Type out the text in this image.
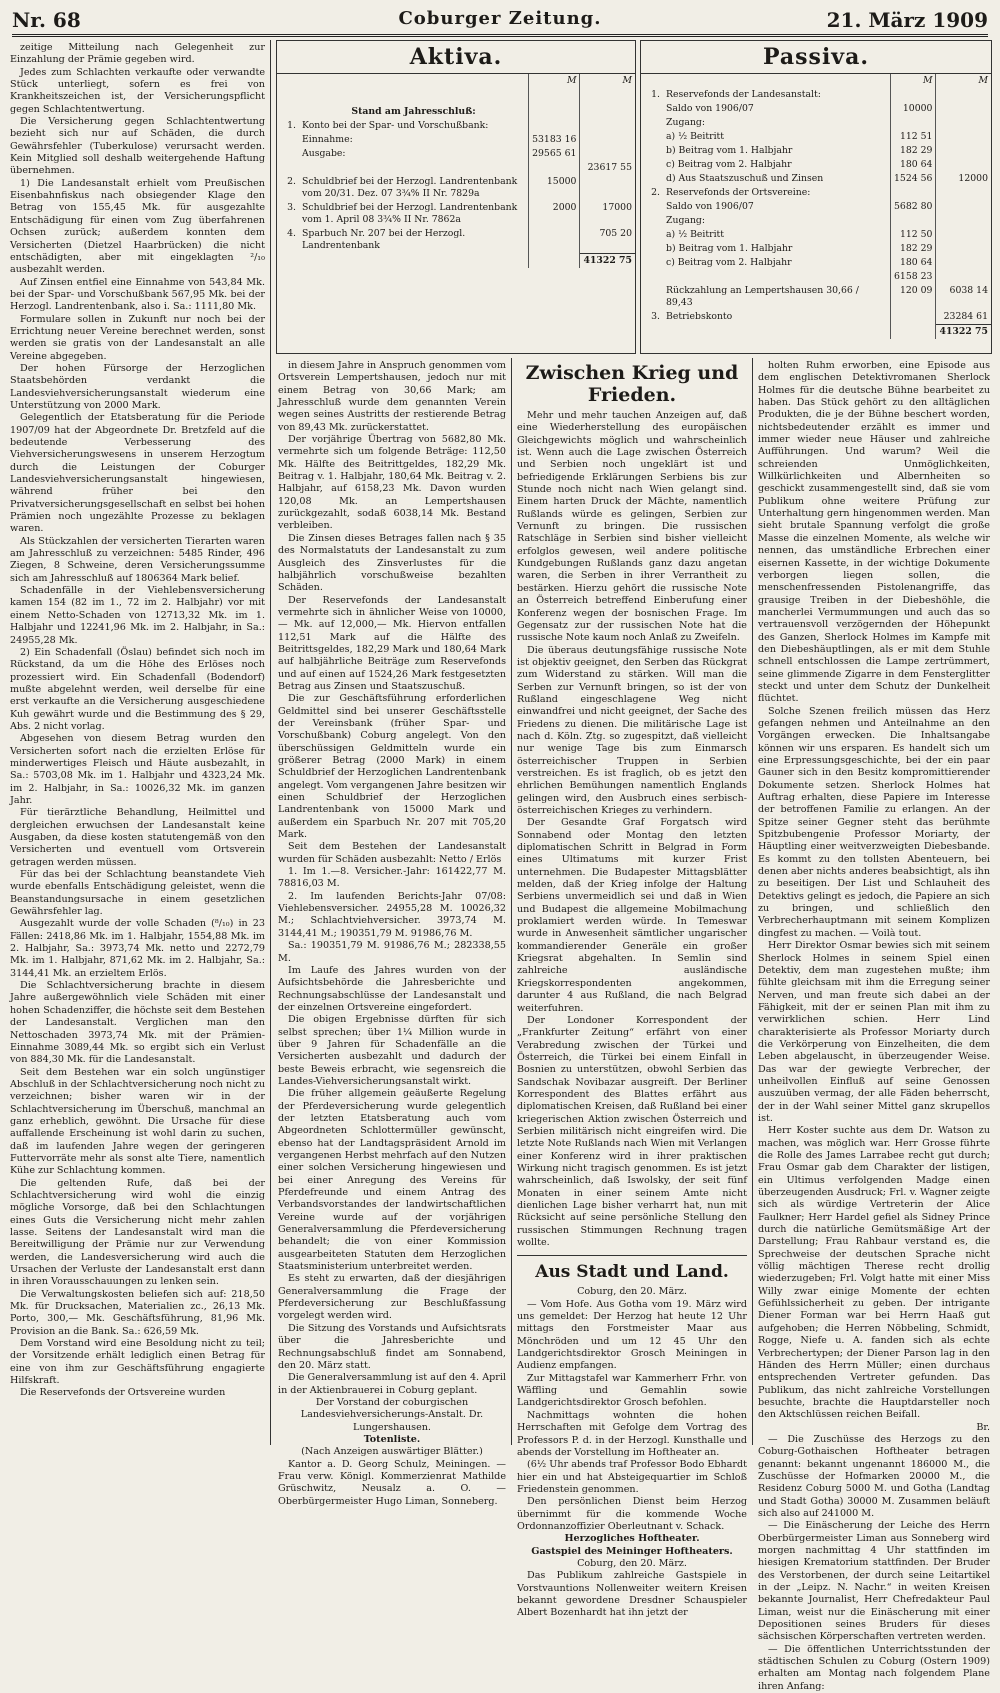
Nr. 68	Coburger Zeitung.	21. März 1909

zeitige Mitteilung nach Gelegenheit zur Einzahlung der Prämie gegeben wird.

Jedes zum Schlachten verkaufte oder verwandte Stück unterliegt, sofern es frei von Krankheitszeichen ist, der Versicherungspflicht gegen Schlachtentwertung.

Die Versicherung gegen Schlachtentwertung bezieht sich nur auf Schäden, die durch Gewährsfehler (Tuberkulose) verursacht werden. Kein Mitglied soll deshalb weitergehende Haftung übernehmen.

1) Die Landesanstalt erhielt vom Preußischen Eisenbahnfiskus nach obsiegender Klage den Betrag von 155,45 Mk. für ausgezahlte Entschädigung für einen vom Zug überfahrenen Ochsen zurück; außerdem konnten dem Versicherten (Dietzel Haarbrücken) die nicht entschädigten, aber mit eingeklagten ²/₁₀ ausbezahlt werden.

Auf Zinsen entfiel eine Einnahme von 543,84 Mk. bei der Spar- und Vorschußbank 567,95 Mk. bei der Herzogl. Landrentenbank, also i. Sa.: 1111,80 Mk.

Formulare sollen in Zukunft nur noch bei der Errichtung neuer Vereine berechnet werden, sonst werden sie gratis von der Landesanstalt an alle Vereine abgegeben.

Der hohen Fürsorge der Herzoglichen Staatsbehörden verdankt die Landesviehversicherungsanstalt wiederum eine Unterstützung von 2000 Mark.

Gelegentlich der Etatsberatung für die Periode 1907/09 hat der Abgeordnete Dr. Bretzfeld auf die bedeutende Verbesserung des Viehversicherungswesens in unserem Herzogtum durch die Leistungen der Coburger Landesviehversicherungsanstalt hingewiesen, während früher bei den Privatversicherungsgesellschaft en selbst bei hohen Prämien noch ungezählte Prozesse zu beklagen waren.

Als Stückzahlen der versicherten Tierarten waren am Jahresschluß zu verzeichnen: 5485 Rinder, 496 Ziegen, 8 Schweine, deren Versicherungssumme sich am Jahresschluß auf 1806364 Mark belief.

Schadenfälle in der Viehlebensversicherung kamen 154 (82 im 1., 72 im 2. Halbjahr) vor mit einem Netto-Schaden von 12713,32 Mk. im 1. Halbjahr und 12241,96 Mk. im 2. Halbjahr, in Sa.: 24955,28 Mk.

2) Ein Schadenfall (Öslau) befindet sich noch im Rückstand, da um die Höhe des Erlöses noch prozessiert wird. Ein Schadenfall (Bodendorf) mußte abgelehnt werden, weil derselbe für eine erst verkaufte an die Versicherung ausgeschiedene Kuh gewährt wurde und die Bestimmung des § 29, Abs. 2 nicht vorlag.

Abgesehen von diesem Betrag wurden den Versicherten sofort nach die erzielten Erlöse für minderwertiges Fleisch und Häute ausbezahlt, in Sa.: 5703,08 Mk. im 1. Halbjahr und 4323,24 Mk. im 2. Halbjahr, in Sa.: 10026,32 Mk. im ganzen Jahr.

Für tierärztliche Behandlung, Heilmittel und dergleichen erwuchsen der Landesanstalt keine Ausgaben, da diese kosten statutengemäß von den Versicherten und eventuell vom Ortsverein getragen werden müssen.

Für das bei der Schlachtung beanstandete Vieh wurde ebenfalls Entschädigung geleistet, wenn die Beanstandungsursache in einem gesetzlichen Gewährsfehler lag.

Ausgezahlt wurde der volle Schaden (⁸/₁₀) in 23 Fällen: 2418,86 Mk. im 1. Halbjahr, 1554,88 Mk. im 2. Halbjahr, Sa.: 3973,74 Mk. netto und 2272,79 Mk. im 1. Halbjahr, 871,62 Mk. im 2. Halbjahr, Sa.: 3144,41 Mk. an erzieltem Erlös.

Die Schlachtversicherung brachte in diesem Jahre außergewöhnlich viele Schäden mit einer hohen Schadenziffer, die höchste seit dem Bestehen der Landesanstalt. Verglichen man den Nettoschaden 3973,74 Mk. mit der Prämien-Einnahme 3089,44 Mk. so ergibt sich ein Verlust von 884,30 Mk. für die Landesanstalt.

Seit dem Bestehen war ein solch ungünstiger Abschluß in der Schlachtversicherung noch nicht zu verzeichnen; bisher waren wir in der Schlachtversicherung im Überschuß, manchmal an ganz erheblich, gewöhnt. Die Ursache für diese auffallende Erscheinung ist wohl darin zu suchen, daß im laufenden Jahre wegen der geringeren Futtervorräte mehr als sonst alte Tiere, namentlich Kühe zur Schlachtung kommen.

Die geltenden Rufe, daß bei der Schlachtversicherung wird wohl die einzig mögliche Vorsorge, daß bei den Schlachtungen eines Guts die Versicherung nicht mehr zahlen lasse. Seitens der Landesanstalt wird man die Bereitwilligung der Prämie nur zur Verwendung werden, die Landesversicherung wird auch die Ursachen der Verluste der Landesanstalt erst dann in ihren Vorausschauungen zu lenken sein.

Die Verwaltungskosten beliefen sich auf: 218,50 Mk. für Drucksachen, Materialien zc., 26,13 Mk. Porto, 300,— Mk. Geschäftsführung, 81,96 Mk. Provision an die Bank. Sa.: 626,59 Mk.

Dem Vorstand wird eine Besoldung nicht zu teil; der Vorsitzende erhält lediglich einen Betrag für eine von ihm zur Geschäftsführung engagierte Hilfskraft.

Die Reservefonds der Ortsvereine wurden

Aktiva.
		M	M
	Stand am Jahresschluß:		
1.	Konto bei der Spar- und Vorschußbank:		
	Einnahme:	53183 16	
	Ausgabe:	29565 61	
			23617 55
2.	Schuldbrief bei der Herzogl. Landrentenbank vom 20/31. Dez. 07 3¾% II Nr. 7829a	15000	
3.	Schuldbrief bei der Herzogl. Landrentenbank vom 1. April 08 3¾% II Nr. 7862a	2000	17000
4.	Sparbuch Nr. 207 bei der Herzogl. Landrentenbank		705 20
			41322 75
Passiva.
		M	M
1.	Reservefonds der Landesanstalt:		
	Saldo von 1906/07	10000	
	Zugang:		
	a) ½ Beitritt	112 51	
	b) Beitrag vom 1. Halbjahr	182 29	
	c) Beitrag vom 2. Halbjahr	180 64	
	d) Aus Staatszuschuß und Zinsen	1524 56	12000
2.	Reservefonds der Ortsvereine:		
	Saldo von 1906/07	5682 80	
	Zugang:		
	a) ½ Beitritt	112 50	
	b) Beitrag vom 1. Halbjahr	182 29	
	c) Beitrag vom 2. Halbjahr	180 64	
		6158 23	
	Rückzahlung an Lempertshausen 30,66 / 89,43	120 09	6038 14
3.	Betriebskonto		23284 61
			41322 75

in diesem Jahre in Anspruch genommen vom Ortsverein Lempertshausen, jedoch nur mit einem Betrag von 30,66 Mark; am Jahresschluß wurde dem genannten Verein wegen seines Austritts der restierende Betrag von 89,43 Mk. zurückerstattet.

Der vorjährige Übertrag von 5682,80 Mk. vermehrte sich um folgende Beträge: 112,50 Mk. Hälfte des Beitrittgeldes, 182,29 Mk. Beitrag v. 1. Halbjahr, 180,64 Mk. Beitrag v. 2. Halbjahr, auf 6158,23 Mk. Davon wurden 120,08 Mk. an Lempertshausen zurückgezahlt, sodaß 6038,14 Mk. Bestand verbleiben.

Die Zinsen dieses Betrages fallen nach § 35 des Normalstatuts der Landesanstalt zu zum Ausgleich des Zinsverlustes für die halbjährlich vorschußweise bezahlten Schäden.

Der Reservefonds der Landesanstalt vermehrte sich in ähnlicher Weise von 10000,— Mk. auf 12,000,— Mk. Hiervon entfallen 112,51 Mark auf die Hälfte des Beitrittsgeldes, 182,29 Mark und 180,64 Mark auf halbjährliche Beiträge zum Reservefonds und auf einen auf 1524,26 Mark festgesetzten Betrag aus Zinsen und Staatszuschuß.

Die zur Geschäftsführung erforderlichen Geldmittel sind bei unserer Geschäftsstelle der Vereinsbank (früher Spar- und Vorschußbank) Coburg angelegt. Von den überschüssigen Geldmitteln wurde ein größerer Betrag (2000 Mark) in einem Schuldbrief der Herzoglichen Landrentenbank angelegt. Vom vergangenen Jahre besitzen wir einen Schuldbrief der Herzoglichen Landrentenbank von 15000 Mark und außerdem ein Sparbuch Nr. 207 mit 705,20 Mark.

Seit dem Bestehen der Landesanstalt wurden für Schäden ausbezahlt: Netto / Erlös

1. Im 1.—8. Versicher.-Jahr: 161422,77 M. 78816,03 M.

2. Im laufenden Berichts-Jahr 07/08: Viehlebensversicher. 24955,28 M. 10026,32 M.; Schlachtviehversicher. 3973,74 M. 3144,41 M.; 190351,79 M. 91986,76 M.

Sa.: 190351,79 M. 91986,76 M.; 282338,55 M.

Im Laufe des Jahres wurden von der Aufsichtsbehörde die Jahresberichte und Rechnungsabschlüsse der Landesanstalt und der einzelnen Ortsvereine eingefordert.

Die obigen Ergebnisse dürften für sich selbst sprechen; über 1¼ Million wurde in über 9 Jahren für Schadenfälle an die Versicherten ausbezahlt und dadurch der beste Beweis erbracht, wie segensreich die Landes-Viehversicherungsanstalt wirkt.

Die früher allgemein geäußerte Regelung der Pferdeversicherung wurde gelegentlich der letzten Etatsberatung auch vom Abgeordneten Schlottermüller gewünscht, ebenso hat der Landtagspräsident Arnold im vergangenen Herbst mehrfach auf den Nutzen einer solchen Versicherung hingewiesen und bei einer Anregung des Vereins für Pferdefreunde und einem Antrag des Verbandsvorstandes der landwirtschaftlichen Vereine wurde auf der vorjährigen Generalversammlung die Pferdeversicherung behandelt; die von einer Kommission ausgearbeiteten Statuten dem Herzoglichen Staatsministerium unterbreitet werden.

Es steht zu erwarten, daß der diesjährigen Generalversammlung die Frage der Pferdeversicherung zur Beschlußfassung vorgelegt werden wird.

Die Sitzung des Vorstands und Aufsichtsrats über die Jahresberichte und Rechnungsabschluß findet am Sonnabend, den 20. März statt.

Die Generalversammlung ist auf den 4. April in der Aktienbrauerei in Coburg geplant.

Der Vorstand der coburgischen Landesviehversicherungs-Anstalt. Dr. Lungershausen.

Totenliste.

(Nach Anzeigen auswärtiger Blätter.)

Kantor a. D. Georg Schulz, Meiningen. — Frau verw. Königl. Kommerzienrat Mathilde Grüschwitz, Neusalz a. O. — Oberbürgermeister Hugo Liman, Sonneberg.

Zwischen Krieg und Frieden.

Mehr und mehr tauchen Anzeigen auf, daß eine Wiederherstellung des europäischen Gleichgewichts möglich und wahrscheinlich ist. Wenn auch die Lage zwischen Österreich und Serbien noch ungeklärt ist und befriedigende Erklärungen Serbiens bis zur Stunde noch nicht nach Wien gelangt sind. Einem harten Druck der Mächte, namentlich Rußlands würde es gelingen, Serbien zur Vernunft zu bringen. Die russischen Ratschläge in Serbien sind bisher vielleicht erfolglos gewesen, weil andere politische Kundgebungen Rußlands ganz dazu angetan waren, die Serben in ihrer Verrantheit zu bestärken. Hierzu gehört die russische Note an Österreich betreffend Einberufung einer Konferenz wegen der bosnischen Frage. Im Gegensatz zur der russischen Note hat die russische Note kaum noch Anlaß zu Zweifeln.

Die überaus deutungsfähige russische Note ist objektiv geeignet, den Serben das Rückgrat zum Widerstand zu stärken. Will man die Serben zur Vernunft bringen, so ist der von Rußland eingeschlagene Weg nicht einwandfrei und nicht geeignet, der Sache des Friedens zu dienen. Die militärische Lage ist nach d. Köln. Ztg. so zugespitzt, daß vielleicht nur wenige Tage bis zum Einmarsch österreichischer Truppen in Serbien verstreichen. Es ist fraglich, ob es jetzt den ehrlichen Bemühungen namentlich Englands gelingen wird, den Ausbruch eines serbisch-österreichischen Krieges zu verhindern.

Der Gesandte Graf Forgatsch wird Sonnabend oder Montag den letzten diplomatischen Schritt in Belgrad in Form eines Ultimatums mit kurzer Frist unternehmen. Die Budapester Mittagsblätter melden, daß der Krieg infolge der Haltung Serbiens unvermeidlich sei und daß in Wien und Budapest die allgemeine Mobilmachung proklamiert werden würde. In Temeswar wurde in Anwesenheit sämtlicher ungarischer kommandierender Generäle ein großer Kriegsrat abgehalten. In Semlin sind zahlreiche ausländische Kriegskorrespondenten angekommen, darunter 4 aus Rußland, die nach Belgrad weiterfuhren.

Der Londoner Korrespondent der „Frankfurter Zeitung“ erfährt von einer Verabredung zwischen der Türkei und Österreich, die Türkei bei einem Einfall in Bosnien zu unterstützen, obwohl Serbien das Sandschak Novibazar ausgreift. Der Berliner Korrespondent des Blattes erfährt aus diplomatischen Kreisen, daß Rußland bei einer kriegerischen Aktion zwischen Österreich und Serbien militärisch nicht eingreifen wird. Die letzte Note Rußlands nach Wien mit Verlangen einer Konferenz wird in ihrer praktischen Wirkung nicht tragisch genommen. Es ist jetzt wahrscheinlich, daß Iswolsky, der seit fünf Monaten in einer seinem Amte nicht dienlichen Lage bisher verharrt hat, nun mit Rücksicht auf seine persönliche Stellung den russischen Stimmungen Rechnung tragen wollte.

Aus Stadt und Land.

Coburg, den 20. März.

— Vom Hofe. Aus Gotha vom 19. März wird uns gemeldet: Der Herzog hat heute 12 Uhr mittags den Forstmeister Maar aus Mönchröden und um 12 45 Uhr den Landgerichtsdirektor Grosch Meiningen in Audienz empfangen.

Zur Mittagstafel war Kammerherr Frhr. von Wäffling und Gemahlin sowie Landgerichtsdirektor Grosch befohlen.

Nachmittags wohnten die hohen Herrschaften mit Gefolge dem Vortrag des Professors P. d. in der Herzogl. Kunsthalle und abends der Vorstellung im Hoftheater an.

(6½ Uhr abends traf Professor Bodo Ebhardt hier ein und hat Absteigequartier im Schloß Friedenstein genommen.

Den persönlichen Dienst beim Herzog übernimmt für die kommende Woche Ordonnanzoffizier Oberleutnant v. Schack.

Herzogliches Hoftheater.

Gastspiel des Meininger Hoftheaters.

Coburg, den 20. März.

Das Publikum zahlreiche Gastspiele in Vorstvauntions Nollenweiter weitern Kreisen bekannt gewordene Dresdner Schauspieler Albert Bozenhardt hat ihn jetzt der

holten Ruhm erworben, eine Episode aus dem englischen Detektivromanen Sherlock Holmes für die deutsche Bühne bearbeitet zu haben. Das Stück gehört zu den alltäglichen Produkten, die je der Bühne beschert worden, nichtsbedeutender erzählt es immer und immer wieder neue Häuser und zahlreiche Aufführungen. Und warum? Weil die schreienden Unmöglichkeiten, Willkürlichkeiten und Albernheiten so geschickt zusammengestellt sind, daß sie vom Publikum ohne weitere Prüfung zur Unterhaltung gern hingenommen werden. Man sieht brutale Spannung verfolgt die große Masse die einzelnen Momente, als welche wir nennen, das umständliche Erbrechen einer eisernen Kassette, in der wichtige Dokumente verborgen liegen sollen, die menschenfressenden Pistolenangriffe, das grausige Treiben in der Diebeshöhle, die mancherlei Vermummungen und auch das so vertrauensvoll verzögernden der Höhepunkt des Ganzen, Sherlock Holmes im Kampfe mit den Diebeshäuptlingen, als er mit dem Stuhle schnell entschlossen die Lampe zertrümmert, seine glimmende Zigarre in dem Fensterglitter steckt und unter dem Schutz der Dunkelheit flüchtet.

Solche Szenen freilich müssen das Herz gefangen nehmen und Anteilnahme an den Vorgängen erwecken. Die Inhaltsangabe können wir uns ersparen. Es handelt sich um eine Erpressungsgeschichte, bei der ein paar Gauner sich in den Besitz kompromittierender Dokumente setzen. Sherlock Holmes hat Auftrag erhalten, diese Papiere im Interesse der betroffenen Familie zu erlangen. An der Spitze seiner Gegner steht das berühmte Spitzbubengenie Professor Moriarty, der Häuptling einer weitverzweigten Diebesbande. Es kommt zu den tollsten Abenteuern, bei denen aber nichts anderes beabsichtigt, als ihn zu beseitigen. Der List und Schlauheit des Detektivs gelingt es jedoch, die Papiere an sich zu bringen, und schließlich den Verbrecherhauptmann mit seinem Komplizen dingfest zu machen. — Voilà tout.

Herr Direktor Osmar bewies sich mit seinem Sherlock Holmes in seinem Spiel einen Detektiv, dem man zugestehen mußte; ihm fühlte gleichsam mit ihm die Erregung seiner Nerven, und man freute sich dabei an der Fähigkeit, mit der er seinen Plan mit ihm zu verwirklichen schien. Herr Lind charakterisierte als Professor Moriarty durch die Verkörperung von Einzelheiten, die dem Leben abgelauscht, in überzeugender Weise. Das war der gewiegte Verbrecher, der unheilvollen Einfluß auf seine Genossen auszuüben vermag, der alle Fäden beherrscht, der in der Wahl seiner Mittel ganz skrupellos ist.

Herr Koster suchte aus dem Dr. Watson zu machen, was möglich war. Herr Grosse führte die Rolle des James Larrabee recht gut durch; Frau Osmar gab dem Charakter der listigen, ein Ultimus verfolgenden Madge einen überzeugenden Ausdruck; Frl. v. Wagner zeigte sich als würdige Vertreterin der Alice Faulkner; Herr Hardel gefiel als Sidney Prince durch die natürliche Gemütsmäßige Art der Darstellung; Frau Rahbaur verstand es, die Sprechweise der deutschen Sprache nicht völlig mächtigen Therese recht drollig wiederzugeben; Frl. Volgt hatte mit einer Miss Willy zwar einige Momente der echten Gefühlssicherheit zu geben. Der intrigante Diener Forman war bei Herrn Haaß gut aufgehoben; die Herren Nöbbeling, Schmidt, Rogge, Niefe u. A. fanden sich als echte Verbrechertypen; der Diener Parson lag in den Händen des Herrn Müller; einen durchaus entsprechenden Vertreter gefunden. Das Publikum, das nicht zahlreiche Vorstellungen besuchte, brachte die Hauptdarsteller noch den Aktschlüssen reichen Beifall.

Br.

— Die Zuschüsse des Herzogs zu den Coburg-Gothaischen Hoftheater betragen genannt: bekannt ungenannt 186000 M., die Zuschüsse der Hofmarken 20000 M., die Residenz Coburg 5000 M. und Gotha (Landtag und Stadt Gotha) 30000 M. Zusammen beläuft sich also auf 241000 M.

— Die Einäscherung der Leiche des Herrn Oberbürgermeister Liman aus Sonneberg wird morgen nachmittag 4 Uhr stattfinden im hiesigen Krematorium stattfinden. Der Bruder des Verstorbenen, der durch seine Leitartikel in der „Leipz. N. Nachr.“ in weiten Kreisen bekannte Journalist, Herr Chefredakteur Paul Liman, weist nur die Einäscherung mit einer Depositionen seines Bruders für dieses sächsischen Körperschaften vertreten werden.

— Die öffentlichen Unterrichtsstunden der städtischen Schulen zu Coburg (Ostern 1909) erhalten am Montag nach folgendem Plane ihren Anfang:
